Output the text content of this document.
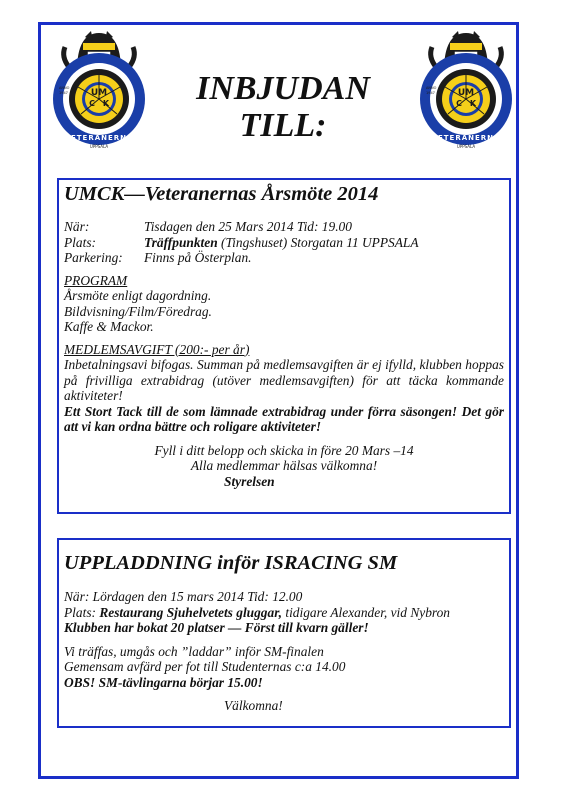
UM
C K
ANNO
1947
VETERANERNA
UPPSALA
UM
C K
ANNO
1947
VETERANERNA
UPPSALA
INBJUDAN
TILL:
UMCK—Veteranernas Årsmöte 2014
När:	Tisdagen den 25 Mars 2014 Tid: 19.00
Plats:	Träffpunkten (Tingshuset) Storgatan 11 UPPSALA
Parkering: Finns på Österplan.

PROGRAM

Årsmöte enligt dagordning.

Bildvisning/Film/Föredrag.

Kaffe & Mackor.

MEDLEMSAVGIFT (200:- per år)

Inbetalningsavi bifogas. Summan på medlemsavgiften är ej ifylld, klubben hoppas på frivilliga extrabidrag (utöver medlemsavgiften) för att täcka kommande aktiviteter!

Ett Stort Tack till de som lämnade extrabidrag under förra säsongen! Det gör att vi kan ordna bättre och roligare aktiviteter!

Fyll i ditt belopp och skicka in före 20 Mars –14

Alla medlemmar hälsas välkomna!

Styrelsen

UPPLADDNING inför ISRACING SM

När: Lördagen den 15 mars 2014 Tid: 12.00

Plats: Restaurang Sjuhelvetets gluggar, tidigare Alexander, vid Nybron

Klubben har bokat 20 platser — Först till kvarn gäller!

Vi träffas, umgås och ”laddar” inför SM-finalen

Gemensam avfärd per fot till Studenternas c:a 14.00

OBS! SM-tävlingarna börjar 15.00!

Välkomna!
